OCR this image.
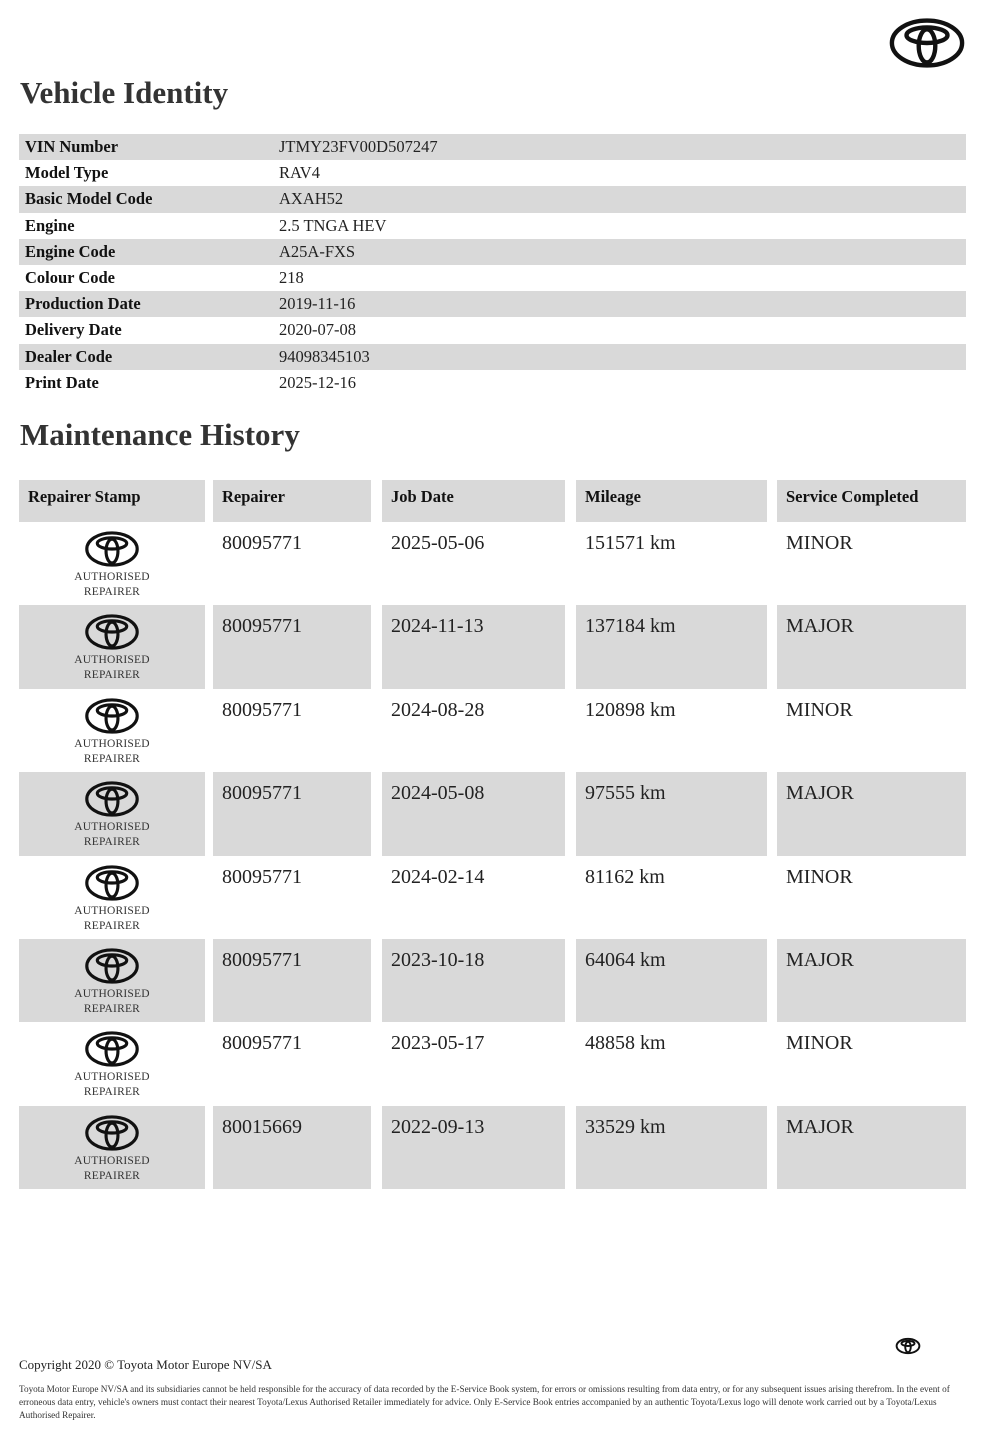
Vehicle Identity
VIN Number	JTMY23FV00D507247
Model Type	RAV4
Basic Model Code	AXAH52
Engine	2.5 TNGA HEV
Engine Code	A25A-FXS
Colour Code	218
Production Date	2019-11-16
Delivery Date	2020-07-08
Dealer Code	94098345103
Print Date	2025-12-16
Maintenance History
Repairer Stamp	Repairer	Job Date	Mileage	Service Completed
AUTHORISED
REPAIRER
80095771	2025-05-06	151571 km	MINOR
AUTHORISED
REPAIRER
80095771	2024-11-13	137184 km	MAJOR
AUTHORISED
REPAIRER
80095771	2024-08-28	120898 km	MINOR
AUTHORISED
REPAIRER
80095771	2024-05-08	97555 km	MAJOR
AUTHORISED
REPAIRER
80095771	2024-02-14	81162 km	MINOR
AUTHORISED
REPAIRER
80095771	2023-10-18	64064 km	MAJOR
AUTHORISED
REPAIRER
80095771	2023-05-17	48858 km	MINOR
AUTHORISED
REPAIRER
80015669	2022-09-13	33529 km	MAJOR
Copyright 2020 © Toyota Motor Europe NV/SA
Toyota Motor Europe NV/SA and its subsidiaries cannot be held responsible for the accuracy of data recorded by the E-Service Book system, for errors or omissions resulting from data entry, or for any subsequent issues arising therefrom. In the event of erroneous data entry, vehicle's owners must contact their nearest Toyota/Lexus Authorised Retailer immediately for advice. Only E-Service Book entries accompanied by an authentic Toyota/Lexus logo will denote work carried out by a Toyota/Lexus Authorised Repairer.
